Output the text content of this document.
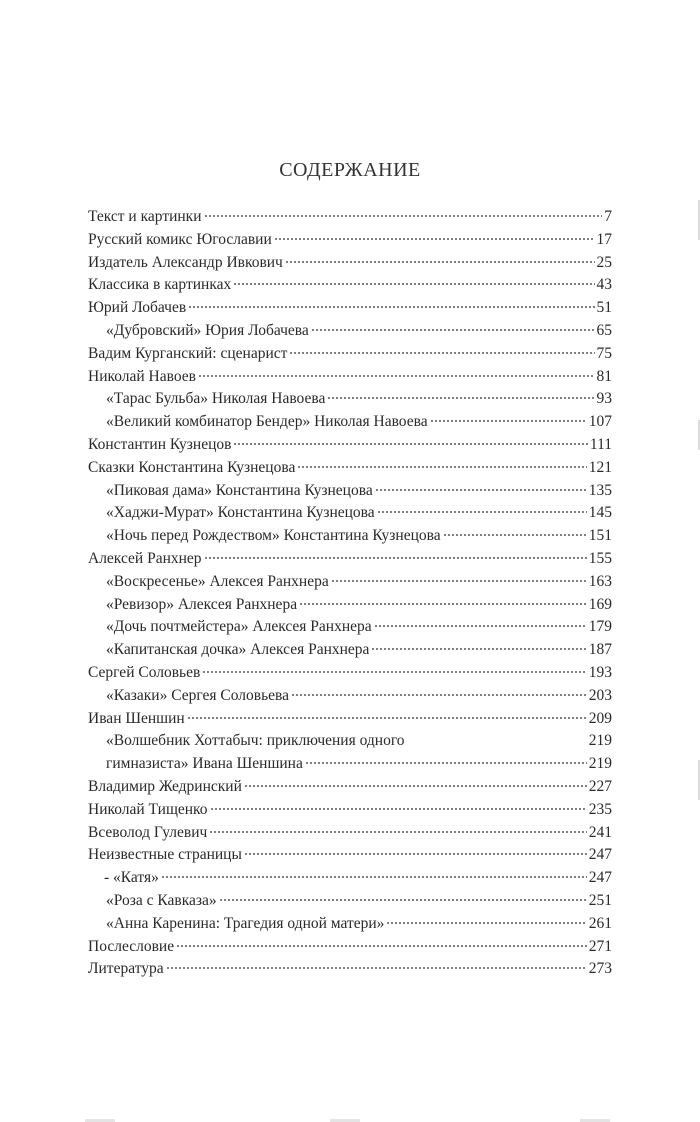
СОДЕРЖАНИЕ
Текст и картинки	7
Русский комикс Югославии	17
Издатель Александр Ивкович	25
Классика в картинках	43
Юрий Лобачев	51
«Дубровский» Юрия Лобачева	65
Вадим Курганский: сценарист	75
Николай Навоев	81
«Тарас Бульба» Николая Навоева	93
«Великий комбинатор Бендер» Николая Навоева	107
Константин Кузнецов	111
Сказки Константина Кузнецова	121
«Пиковая дама» Константина Кузнецова	135
«Хаджи-Мурат» Константина Кузнецова	145
«Ночь перед Рождеством» Константина Кузнецова	151
Алексей Ранхнер	155
«Воскресенье» Алексея Ранхнера	163
«Ревизор» Алексея Ранхнера	169
«Дочь почтмейстера» Алексея Ранхнера	179
«Капитанская дочка» Алексея Ранхнера	187
Сергей Соловьев	193
«Казаки» Сергея Соловьева	203
Иван Шеншин	209
«Волшебник Хоттабыч: приключения одного	219
гимназиста» Ивана Шеншина	219
Владимир Жедринский	227
Николай Тищенко	235
Всеволод Гулевич	241
Неизвестные страницы	247
- «Катя»	247
«Роза с Кавказа»	251
«Анна Каренина: Трагедия одной матери»	261
Послесловие	271
Литература	273
